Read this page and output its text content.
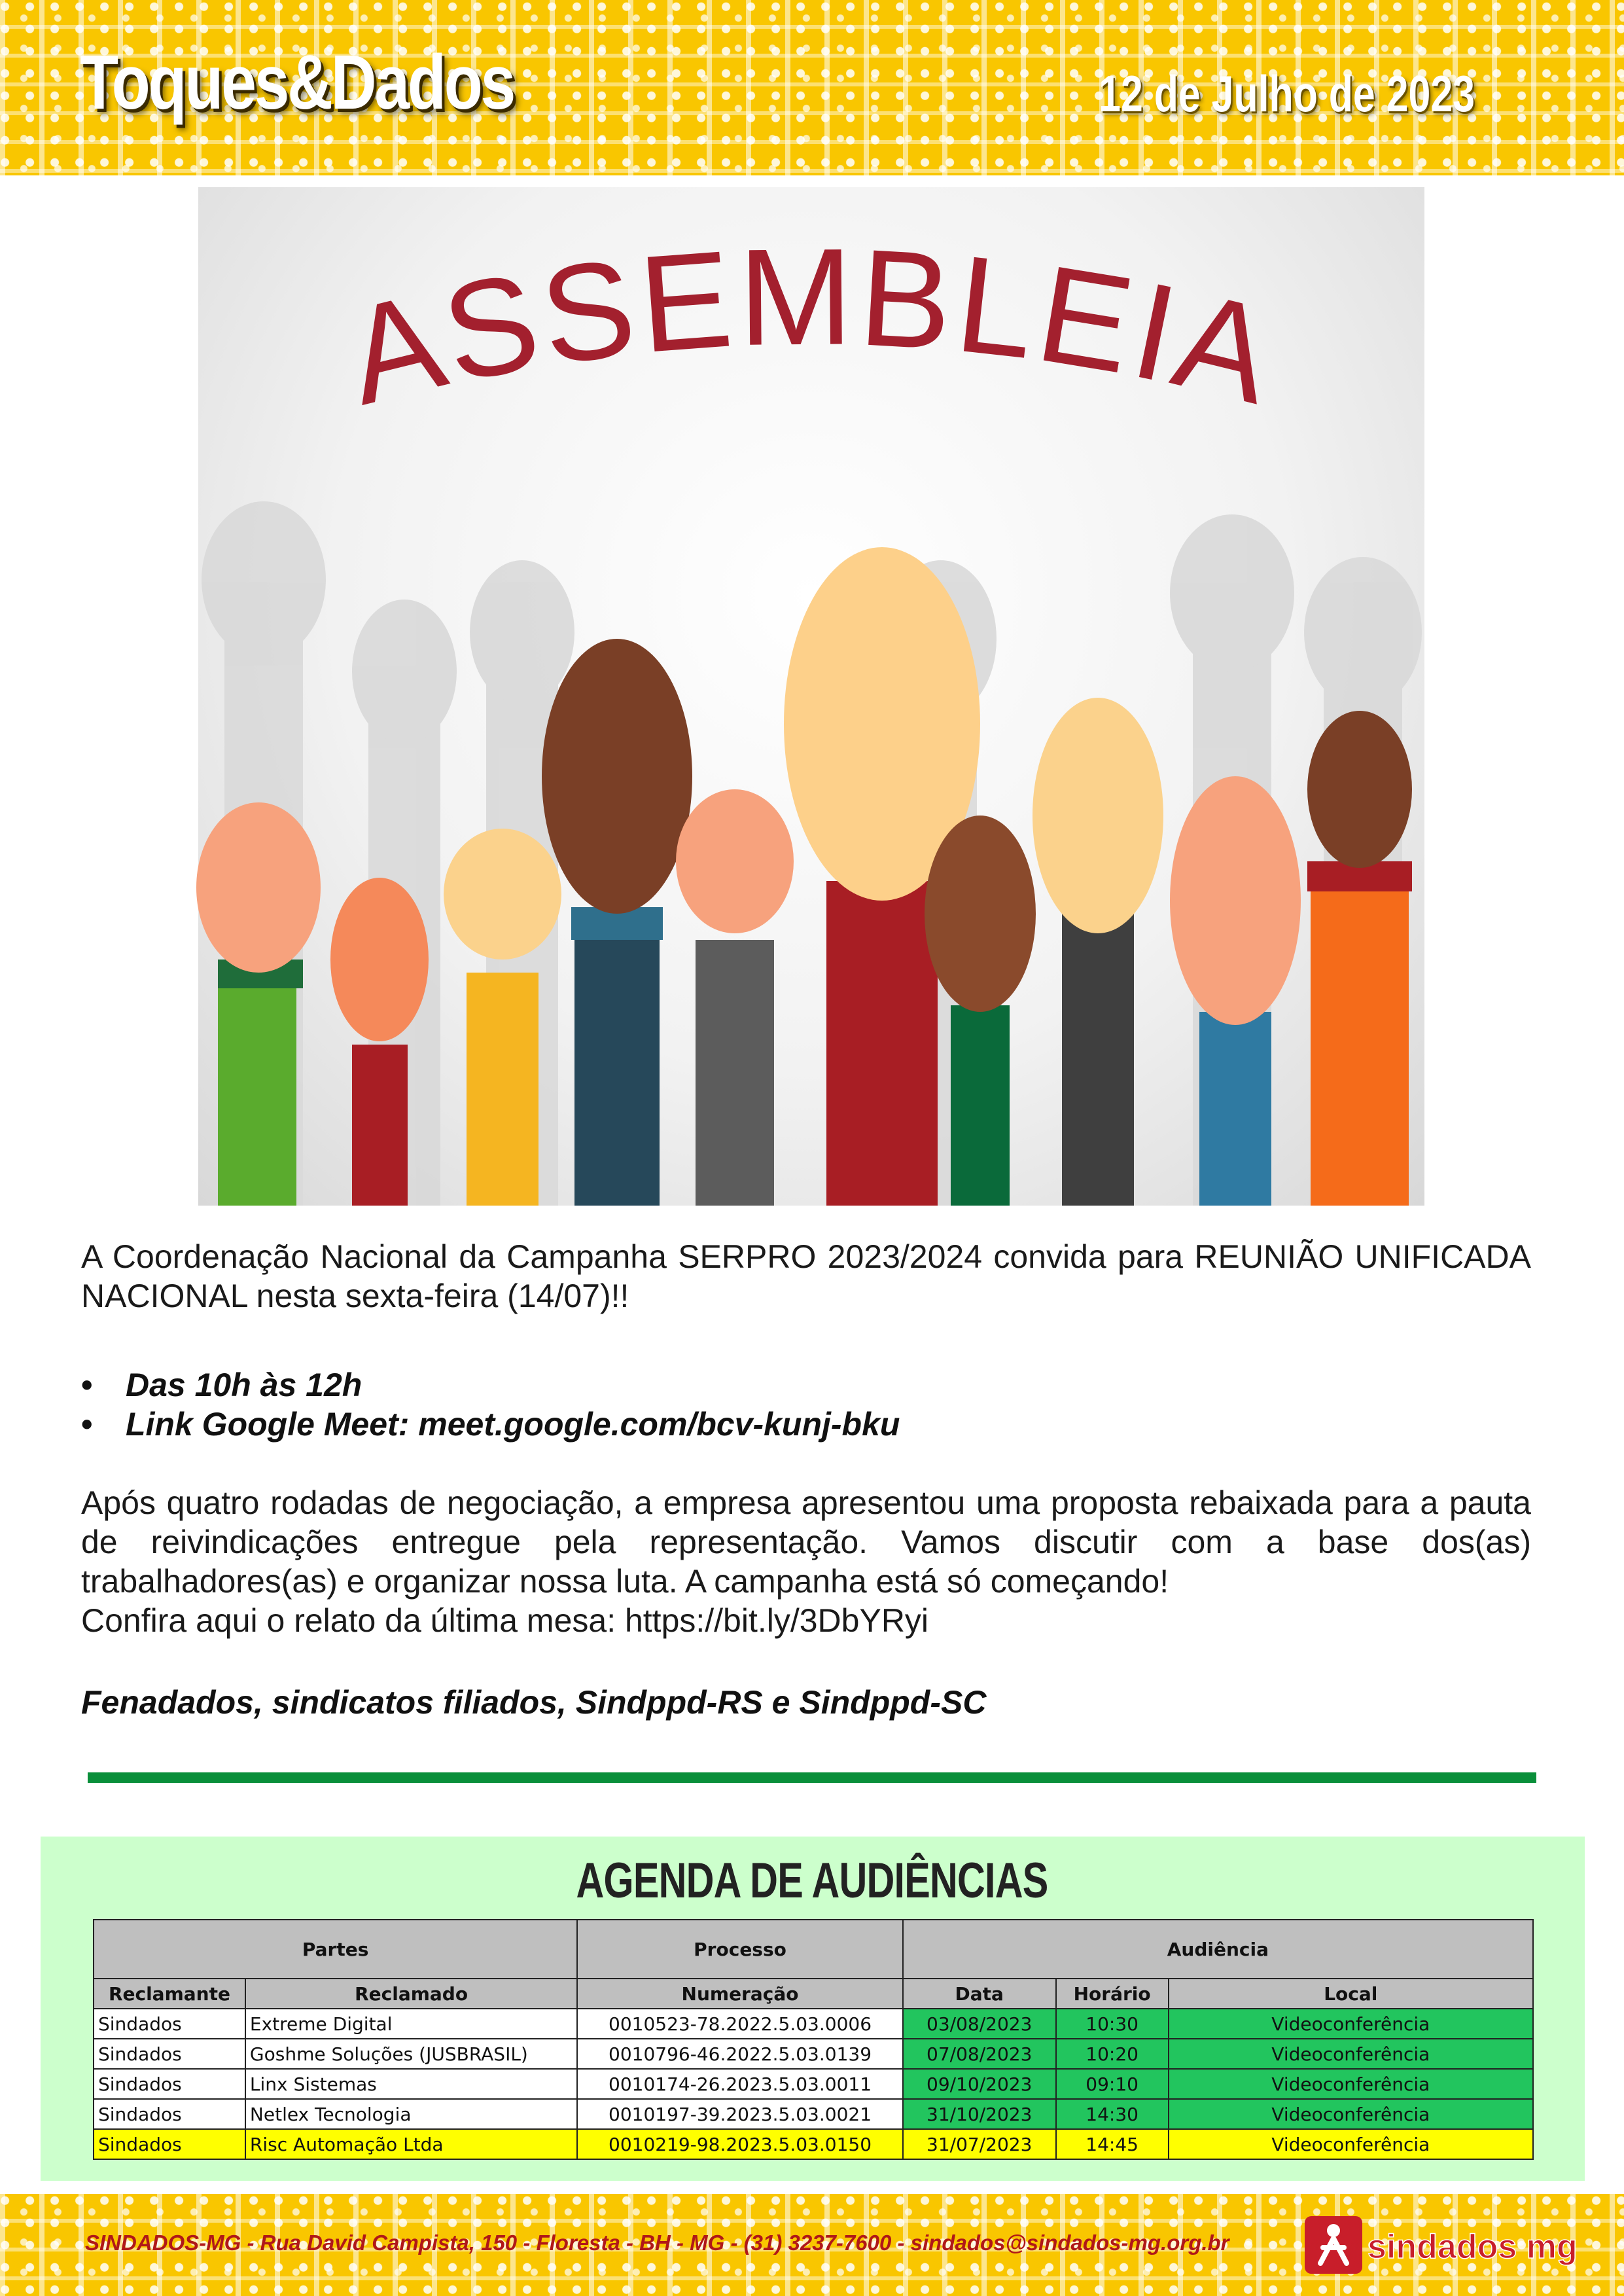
Toques&Dados	12 de Julho de 2023
ASSEMBLEIA
A Coordenação Nacional da Campanha SERPRO 2023/2024 convida para REUNIÃO UNIFICADA NACIONAL nesta sexta-feira (14/07)!!
• Das 10h às 12h
• Link Google Meet: meet.google.com/bcv-kunj-bku

Após quatro rodadas de negociação, a empresa apresentou uma proposta rebaixada para a pauta de reivindicações entregue pela representação. Vamos discutir com a base dos(as) trabalhadores(as) e organizar nossa luta. A campanha está só começando!

Confira aqui o relato da última mesa: https://bit.ly/3DbYRyi

Fenadados, sindicatos filiados, Sindppd-RS e Sindppd-SC
AGENDA DE AUDIÊNCIAS
Partes		Processo	Audiência		
Reclamante	Reclamado	Numeração	Data	Horário	Local
Sindados	Extreme Digital	0010523-78.2022.5.03.0006	03/08/2023	10:30	Videoconferência
Sindados	Goshme Soluções (JUSBRASIL)	0010796-46.2022.5.03.0139	07/08/2023	10:20	Videoconferência
Sindados	Linx Sistemas	0010174-26.2023.5.03.0011	09/10/2023	09:10	Videoconferência
Sindados	Netlex Tecnologia	0010197-39.2023.5.03.0021	31/10/2023	14:30	Videoconferência
Sindados	Risc Automação Ltda	0010219-98.2023.5.03.0150	31/07/2023	14:45	Videoconferência
SINDADOS-MG - Rua David Campista, 150 - Floresta - BH - MG - (31) 3237-7600 - sindados@sindados-mg.org.br	sindados mg
